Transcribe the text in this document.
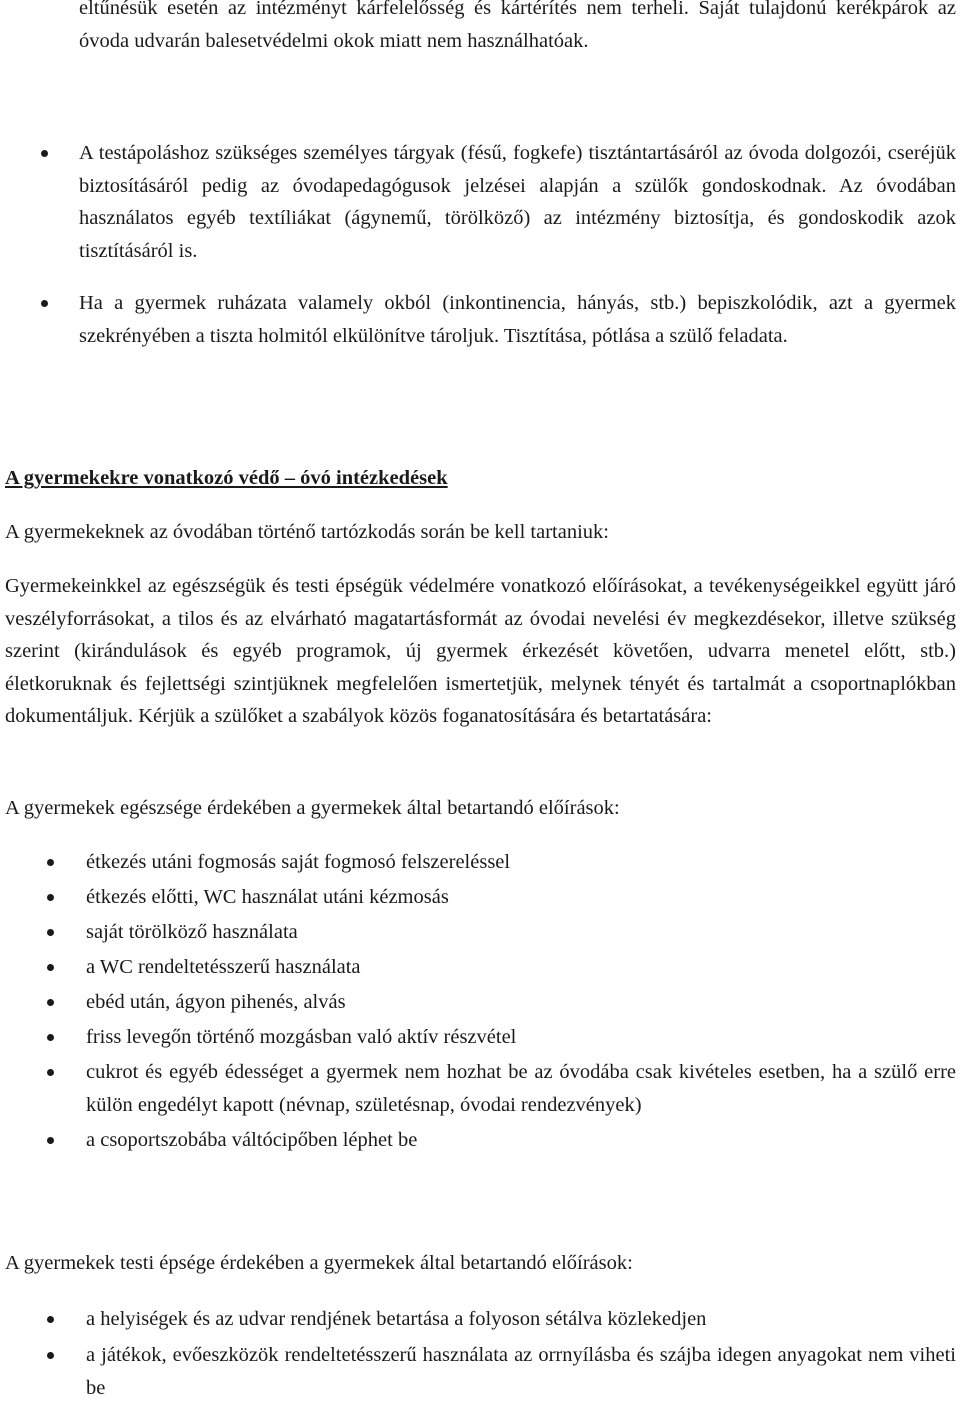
eltűnésük esetén az intézményt kárfelelősség és kártérítés nem terheli. Saját tulajdonú kerékpárok az óvoda udvarán balesetvédelmi okok miatt nem használhatóak.

A testápoláshoz szükséges személyes tárgyak (fésű, fogkefe) tisztántartásáról az óvoda dolgozói, cseréjük biztosításáról pedig az óvodapedagógusok jelzései alapján a szülők gondoskodnak. Az óvodában használatos egyéb textíliákat (ágynemű, törölköző) az intézmény biztosítja, és gondoskodik azok tisztításáról is.
Ha a gyermek ruházata valamely okból (inkontinencia, hányás, stb.) bepiszkolódik, azt a gyermek szekrényében a tiszta holmitól elkülönítve tároljuk. Tisztítása, pótlása a szülő feladata.
A gyermekekre vonatkozó védő – óvó intézkedések

A gyermekeknek az óvodában történő tartózkodás során be kell tartaniuk:

Gyermekeinkkel az egészségük és testi épségük védelmére vonatkozó előírásokat, a tevékenységeikkel együtt járó veszélyforrásokat, a tilos és az elvárható magatartásformát az óvodai nevelési év megkezdésekor, illetve szükség szerint (kirándulások és egyéb programok, új gyermek érkezését követően, udvarra menetel előtt, stb.) életkoruknak és fejlettségi szintjüknek megfelelően ismertetjük, melynek tényét és tartalmát a csoportnaplókban dokumentáljuk. Kérjük a szülőket a szabályok közös foganatosítására és betartatására:

A gyermekek egészsége érdekében a gyermekek által betartandó előírások:

étkezés utáni fogmosás saját fogmosó felszereléssel
étkezés előtti, WC használat utáni kézmosás
saját törölköző használata
a WC rendeltetésszerű használata
ebéd után, ágyon pihenés, alvás
friss levegőn történő mozgásban való aktív részvétel
cukrot és egyéb édességet a gyermek nem hozhat be az óvodába csak kivételes esetben, ha a szülő erre külön engedélyt kapott (névnap, születésnap, óvodai rendezvények)
a csoportszobába váltócipőben léphet be

A gyermekek testi épsége érdekében a gyermekek által betartandó előírások:

a helyiségek és az udvar rendjének betartása a folyoson sétálva közlekedjen
a játékok, evőeszközök rendeltetésszerű használata az orrnyílásba és szájba idegen anyagokat nem viheti be
